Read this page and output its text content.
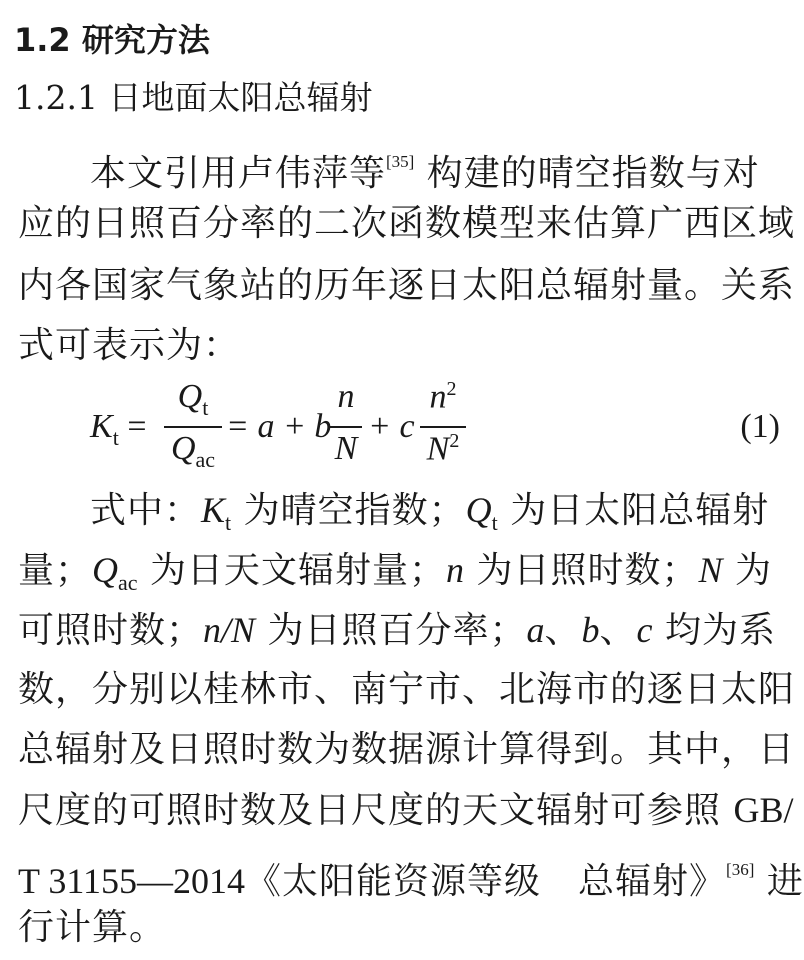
1.2 研究方法
1.2.1 日地面太阳总辐射
本文引用卢伟萍等[35] 构建的晴空指数与对
应的日照百分率的二次函数模型来估算广西区域
内各国家气象站的历年逐日太阳总辐射量。关系
式可表示为：
$K_t$ =
$Q_t$
$Q_{ac}$
= a + b
n
N
+ c
$n^2$
$N^2$	(1)
式中：$K_t$ 为晴空指数；$Q_t$ 为日太阳总辐射
量；$Q_{ac}$ 为日天文辐射量；n 为日照时数；N 为
可照时数；n/N 为日照百分率；a、b、c 均为系
数，分别以桂林市、南宁市、北海市的逐日太阳
总辐射及日照时数为数据源计算得到。其中，日
尺度的可照时数及日尺度的天文辐射可参照 GB/
T 31155—2014《太阳能资源等级　总辐射》[36] 进
行计算。
